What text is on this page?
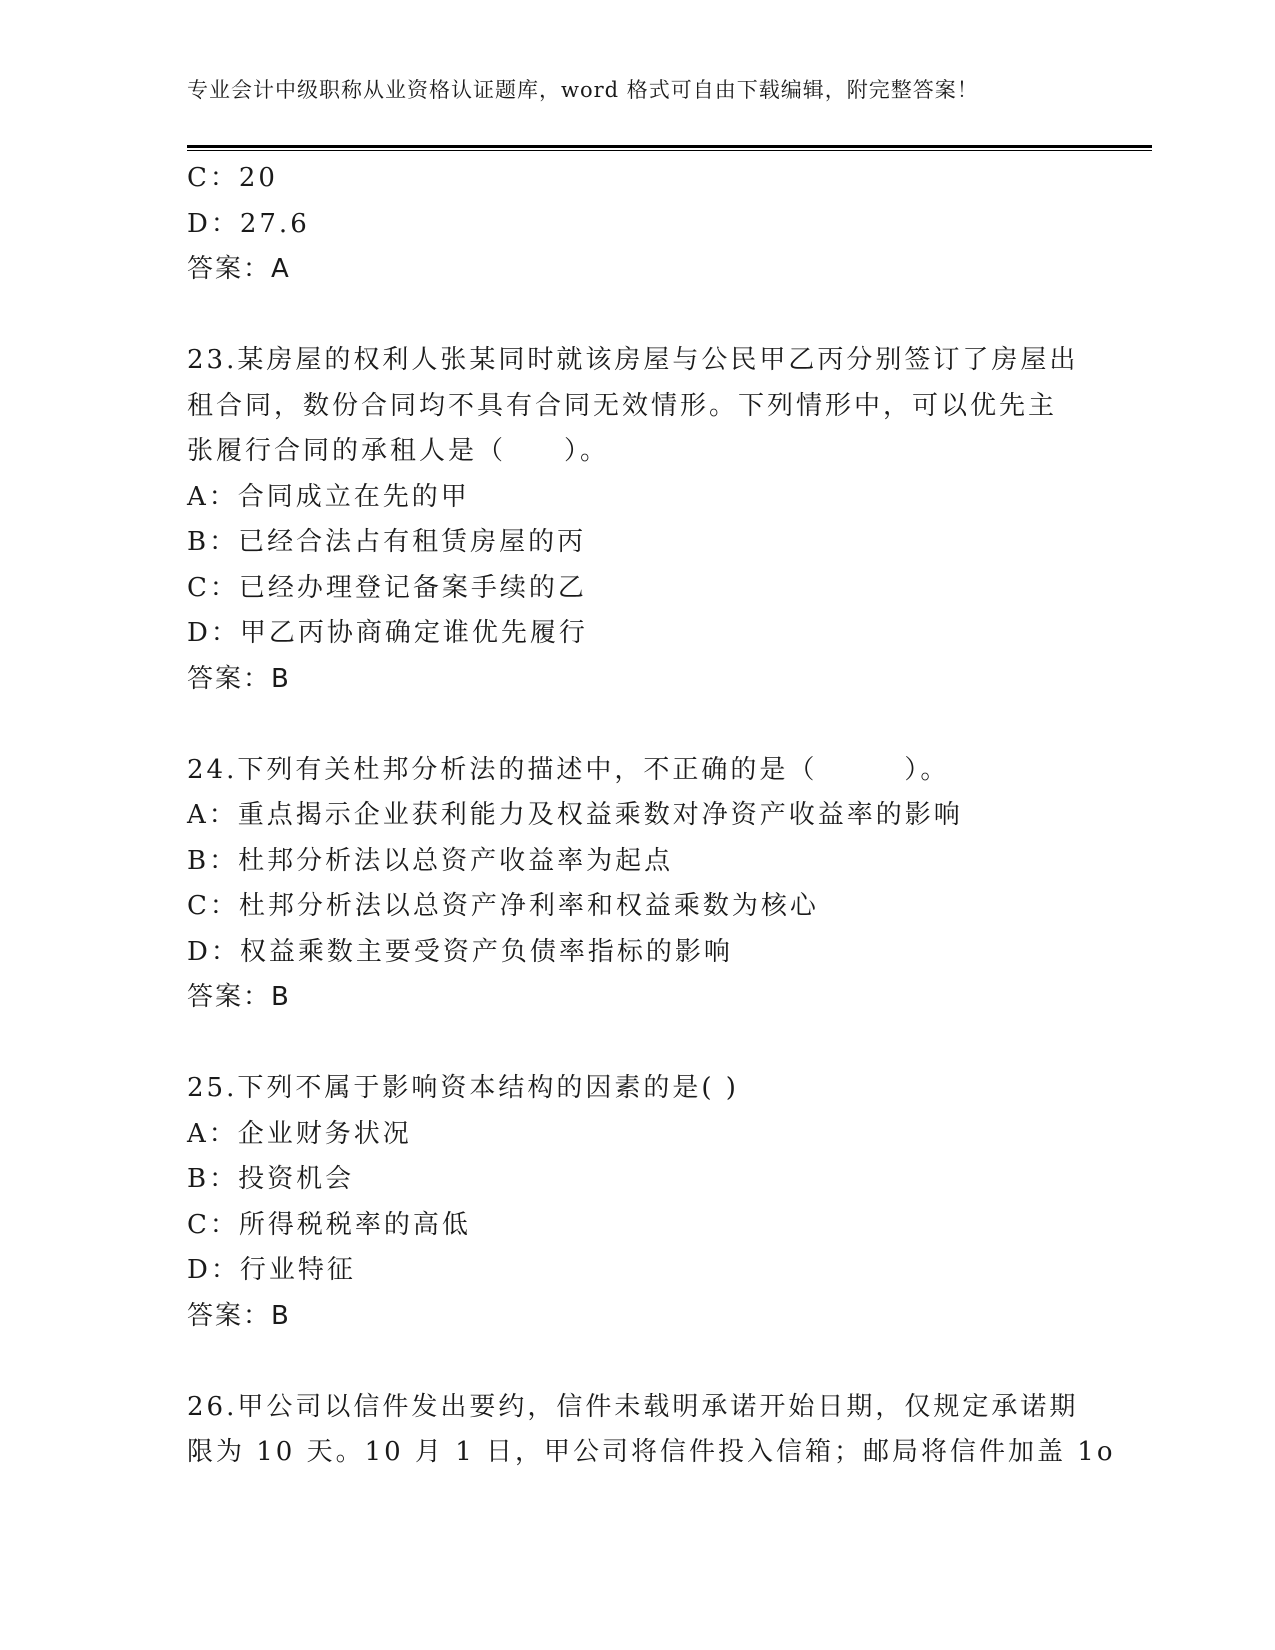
专业会计中级职称从业资格认证题库，word 格式可自由下载编辑，附完整答案！
C：20
D：27.6
答案：A
23.某房屋的权利人张某同时就该房屋与公民甲乙丙分别签订了房屋出
租合同，数份合同均不具有合同无效情形。下列情形中，可以优先主
张履行合同的承租人是（　　）。
A：合同成立在先的甲
B：已经合法占有租赁房屋的丙
C：已经办理登记备案手续的乙
D：甲乙丙协商确定谁优先履行
答案：B
24.下列有关杜邦分析法的描述中，不正确的是（　　　）。
A：重点揭示企业获利能力及权益乘数对净资产收益率的影响
B：杜邦分析法以总资产收益率为起点
C：杜邦分析法以总资产净利率和权益乘数为核心
D：权益乘数主要受资产负债率指标的影响
答案：B
25.下列不属于影响资本结构的因素的是( )
A：企业财务状况
B：投资机会
C：所得税税率的高低
D：行业特征
答案：B
26.甲公司以信件发出要约，信件未载明承诺开始日期，仅规定承诺期
限为 10 天。10 月 1 日，甲公司将信件投入信箱；邮局将信件加盖 1o
